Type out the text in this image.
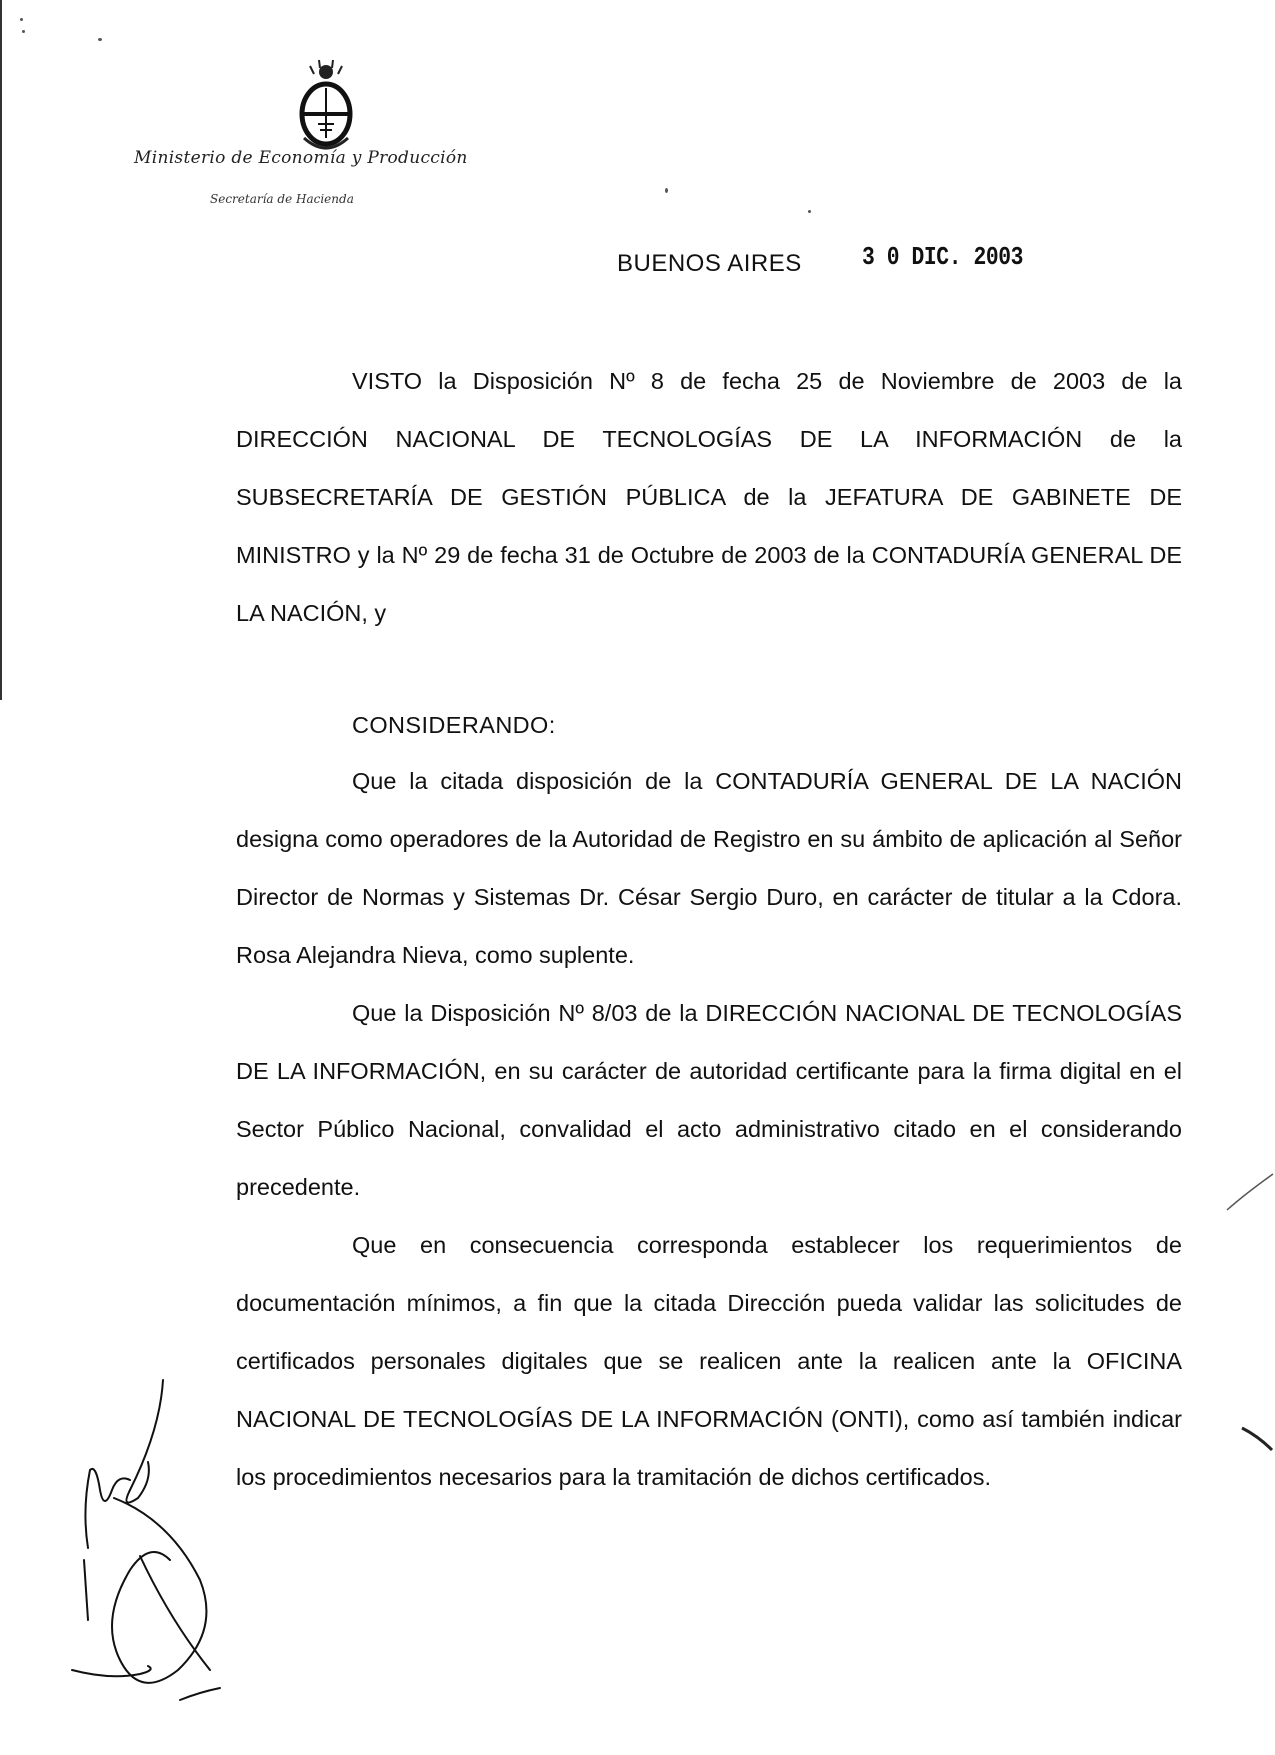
Ministerio de Economía y Producción
Secretaría de Hacienda
BUENOS AIRES 3 0 DIC. 2003

VISTO la Disposición Nº 8 de fecha 25 de Noviembre de 2003 de la DIRECCIÓN NACIONAL DE TECNOLOGÍAS DE LA INFORMACIÓN de la SUBSECRETARÍA DE GESTIÓN PÚBLICA de la JEFATURA DE GABINETE DE MINISTRO y la Nº 29 de fecha 31 de Octubre de 2003 de la CONTADURÍA GENERAL DE LA NACIÓN, y

CONSIDERANDO:

Que la citada disposición de la CONTADURÍA GENERAL DE LA NACIÓN designa como operadores de la Autoridad de Registro en su ámbito de aplicación al Señor Director de Normas y Sistemas Dr. César Sergio Duro, en carácter de titular a la Cdora. Rosa Alejandra Nieva, como suplente.

Que la Disposición Nº 8/03 de la DIRECCIÓN NACIONAL DE TECNOLOGÍAS DE LA INFORMACIÓN, en su carácter de autoridad certificante para la firma digital en el Sector Público Nacional, convalidad el acto administrativo citado en el considerando precedente.

Que en consecuencia corresponda establecer los requerimientos de documentación mínimos, a fin que la citada Dirección pueda validar las solicitudes de certificados personales digitales que se realicen ante la realicen ante la OFICINA NACIONAL DE TECNOLOGÍAS DE LA INFORMACIÓN (ONTI), como así también indicar los procedimientos necesarios para la tramitación de dichos certificados.
